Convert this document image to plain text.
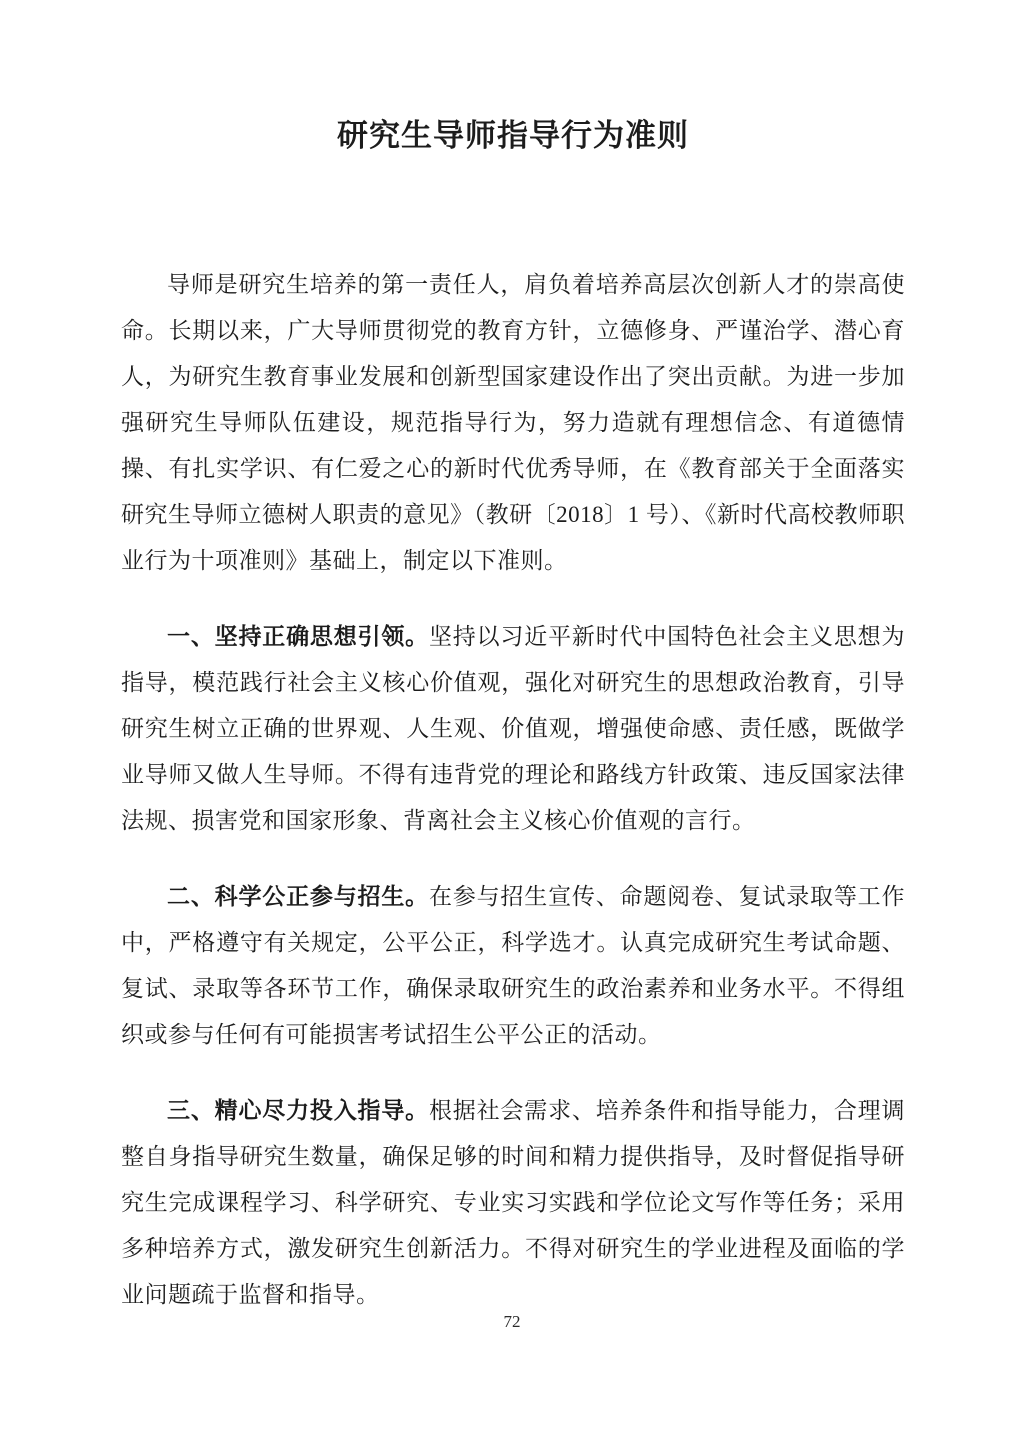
研究生导师指导行为准则

导师是研究生培养的第一责任人，肩负着培养高层次创新人才的崇高使命。长期以来，广大导师贯彻党的教育方针，立德修身、严谨治学、潜心育人，为研究生教育事业发展和创新型国家建设作出了突出贡献。为进一步加强研究生导师队伍建设，规范指导行为，努力造就有理想信念、有道德情操、有扎实学识、有仁爱之心的新时代优秀导师，在《教育部关于全面落实研究生导师立德树人职责的意见》（教研〔2018〕1 号）、《新时代高校教师职业行为十项准则》基础上，制定以下准则。

一、坚持正确思想引领。坚持以习近平新时代中国特色社会主义思想为指导，模范践行社会主义核心价值观，强化对研究生的思想政治教育，引导研究生树立正确的世界观、人生观、价值观，增强使命感、责任感，既做学业导师又做人生导师。不得有违背党的理论和路线方针政策、违反国家法律法规、损害党和国家形象、背离社会主义核心价值观的言行。

二、科学公正参与招生。在参与招生宣传、命题阅卷、复试录取等工作中，严格遵守有关规定，公平公正，科学选才。认真完成研究生考试命题、复试、录取等各环节工作，确保录取研究生的政治素养和业务水平。不得组织或参与任何有可能损害考试招生公平公正的活动。

三、精心尽力投入指导。根据社会需求、培养条件和指导能力，合理调整自身指导研究生数量，确保足够的时间和精力提供指导，及时督促指导研究生完成课程学习、科学研究、专业实习实践和学位论文写作等任务；采用多种培养方式，激发研究生创新活力。不得对研究生的学业进程及面临的学业问题疏于监督和指导。

72
